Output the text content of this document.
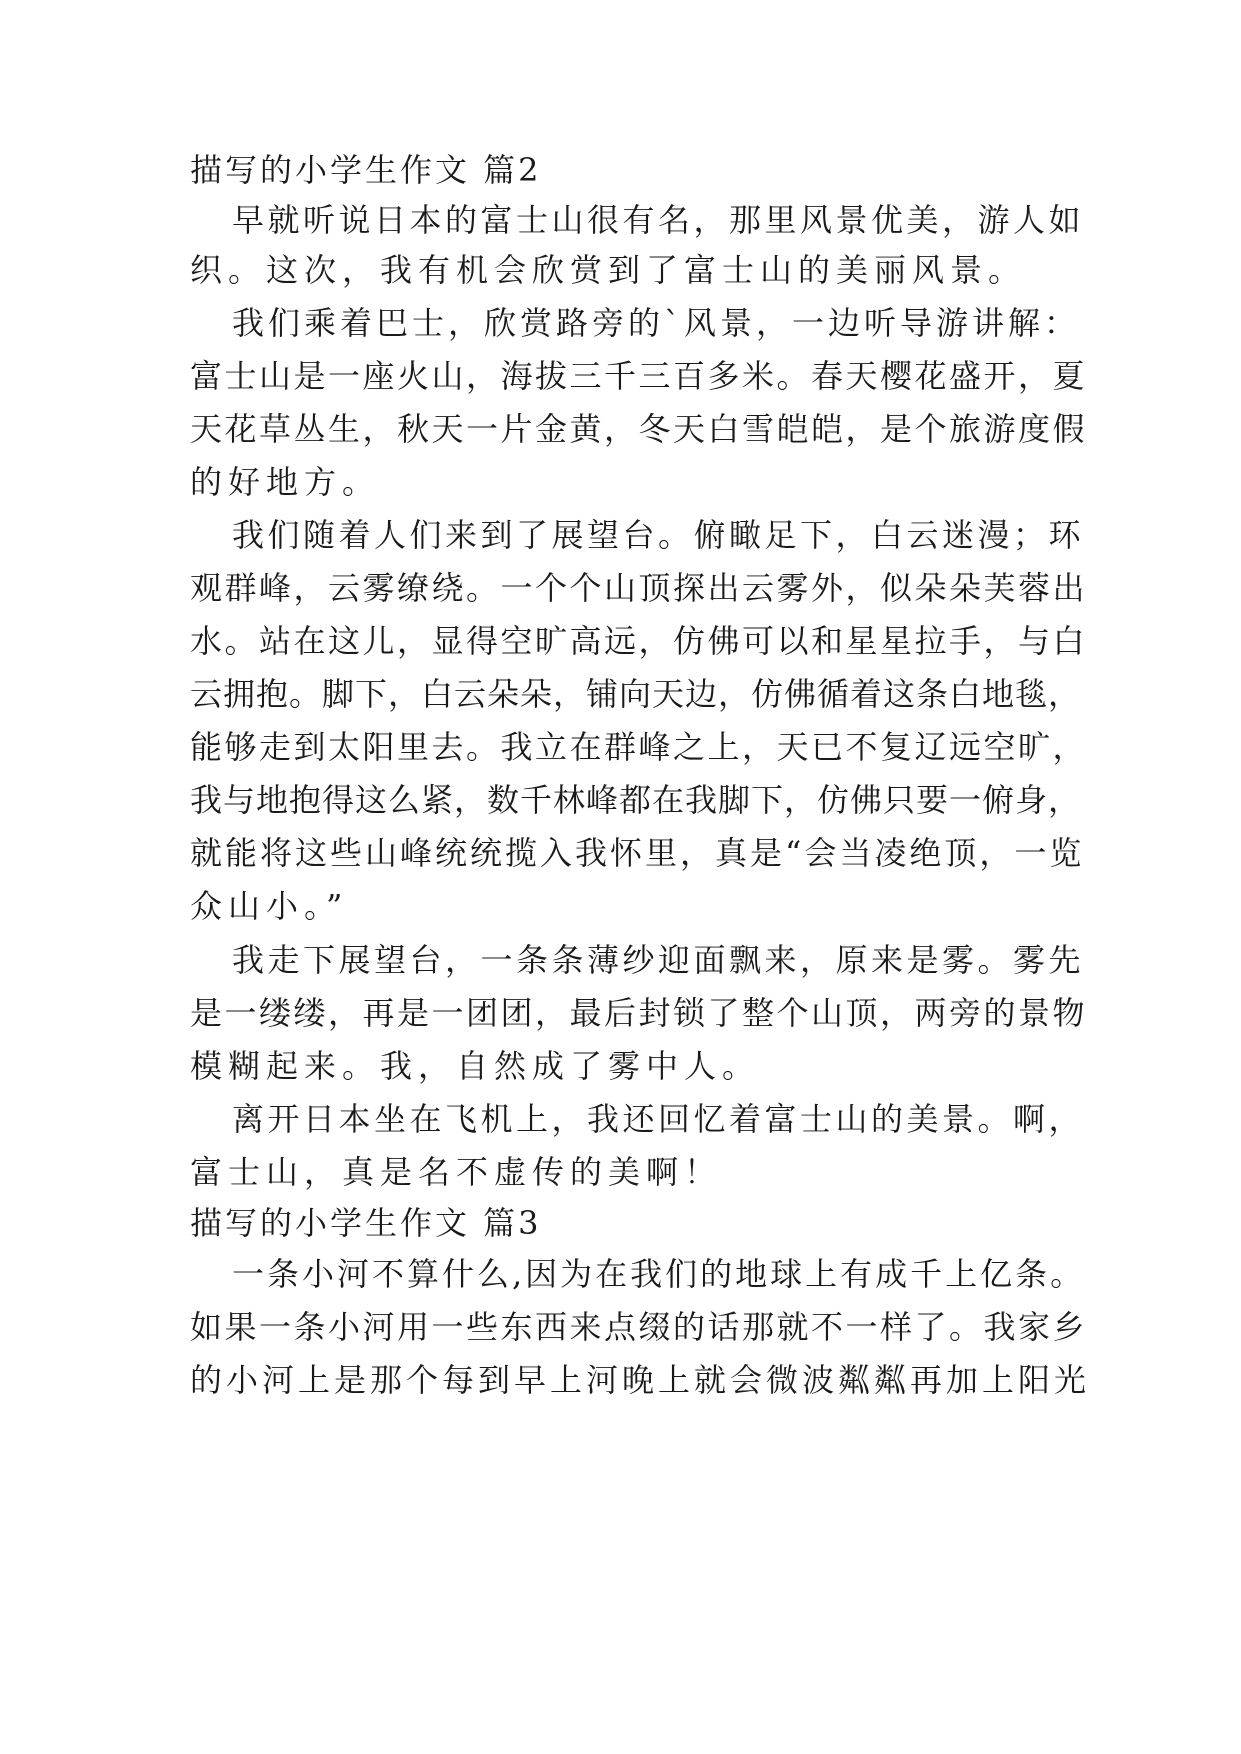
描写的小学生作文 篇2
早就听说日本的富士山很有名，那里风景优美，游人如
织。这次，我有机会欣赏到了富士山的美丽风景。
我们乘着巴士，欣赏路旁的`风景，一边听导游讲解：
富士山是一座火山，海拔三千三百多米。春天樱花盛开，夏
天花草丛生，秋天一片金黄，冬天白雪皑皑，是个旅游度假
的好地方。
我们随着人们来到了展望台。俯瞰足下，白云迷漫；环
观群峰，云雾缭绕。一个个山顶探出云雾外，似朵朵芙蓉出
水。站在这儿，显得空旷高远，仿佛可以和星星拉手，与白
云拥抱。脚下，白云朵朵，铺向天边，仿佛循着这条白地毯，
能够走到太阳里去。我立在群峰之上，天已不复辽远空旷，
我与地抱得这么紧，数千林峰都在我脚下，仿佛只要一俯身，
就能将这些山峰统统揽入我怀里，真是“会当凌绝顶，一览
众山小。”
我走下展望台，一条条薄纱迎面飘来，原来是雾。雾先
是一缕缕，再是一团团，最后封锁了整个山顶，两旁的景物
模糊起来。我，自然成了雾中人。
离开日本坐在飞机上，我还回忆着富士山的美景。啊，
富士山，真是名不虚传的美啊！
描写的小学生作文 篇3
一条小河不算什么,因为在我们的地球上有成千上亿条。
如果一条小河用一些东西来点缀的话那就不一样了。我家乡
的小河上是那个每到早上河晚上就会微波粼粼再加上阳光
